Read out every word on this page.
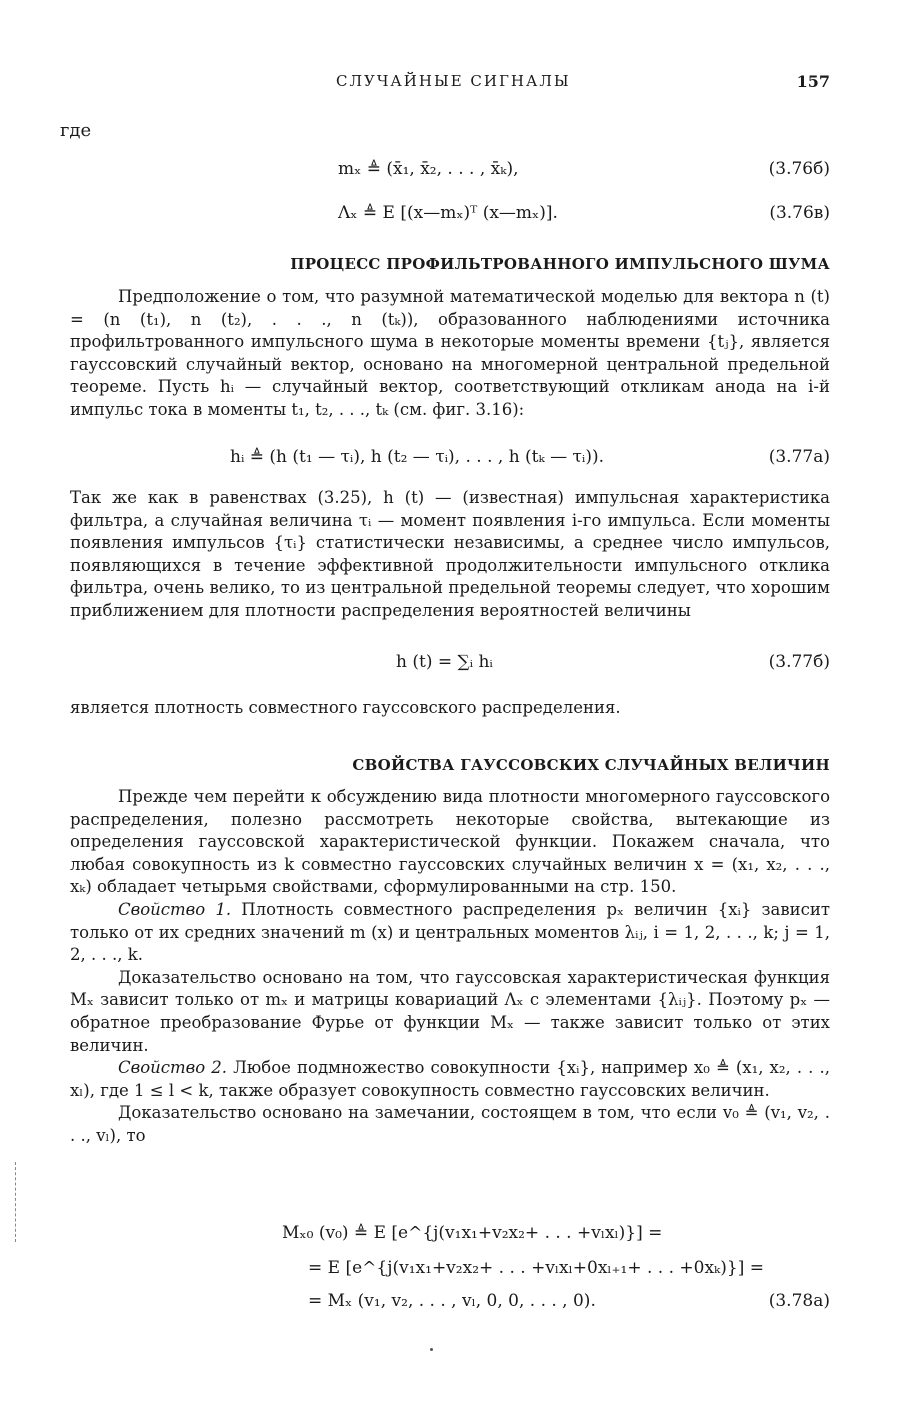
СЛУЧАЙНЫЕ СИГНАЛЫ	157
где
mₓ ≜ (x̄₁, x̄₂, . . . , x̄ₖ),	(3.76б)
Λₓ ≜ E [(x—mₓ)ᵀ (x—mₓ)].	(3.76в)
ПРОЦЕСС ПРОФИЛЬТРОВАННОГО ИМПУЛЬСНОГО ШУМА

Предположение о том, что разумной математической моделью для вектора n (t) = (n (t₁), n (t₂), . . ., n (tₖ)), образованного наблюдениями источника профильтрованного импульсного шума в некоторые моменты времени {tⱼ}, является гауссовский случайный вектор, основано на многомерной центральной предельной теореме. Пусть hᵢ — случайный вектор, соответствующий откликам анода на i-й импульс тока в моменты t₁, t₂, . . ., tₖ (см. фиг. 3.16):

hᵢ ≜ (h (t₁ — τᵢ), h (t₂ — τᵢ), . . . , h (tₖ — τᵢ)).	(3.77а)

Так же как в равенствах (3.25), h (t) — (известная) импульсная характеристика фильтра, а случайная величина τᵢ — момент появления i-го импульса. Если моменты появления импульсов {τᵢ} статистически независимы, а среднее число импульсов, появляющихся в течение эффективной продолжительности импульсного отклика фильтра, очень велико, то из центральной предельной теоремы следует, что хорошим приближением для плотности распределения вероятностей величины

h (t) = ∑ᵢ hᵢ	(3.77б)

является плотность совместного гауссовского распределения.

СВОЙСТВА ГАУССОВСКИХ СЛУЧАЙНЫХ ВЕЛИЧИН

Прежде чем перейти к обсуждению вида плотности многомерного гауссовского распределения, полезно рассмотреть некоторые свойства, вытекающие из определения гауссовской характеристической функции. Покажем сначала, что любая совокупность из k совместно гауссовских случайных величин x = (x₁, x₂, . . ., xₖ) обладает четырьмя свойствами, сформулированными на стр. 150.

Свойство 1. Плотность совместного распределения pₓ величин {xᵢ} зависит только от их средних значений m (x) и центральных моментов λᵢⱼ, i = 1, 2, . . ., k; j = 1, 2, . . ., k.

Доказательство основано на том, что гауссовская характеристическая функция Mₓ зависит только от mₓ и матрицы ковариаций Λₓ с элементами {λᵢⱼ}. Поэтому pₓ — обратное преобразование Фурье от функции Mₓ — также зависит только от этих величин.

Свойство 2. Любое подмножество совокупности {xᵢ}, например x₀ ≜ (x₁, x₂, . . ., xₗ), где 1 ≤ l < k, также образует совокупность совместно гауссовских величин.

Доказательство основано на замечании, состоящем в том, что если v₀ ≜ (v₁, v₂, . . ., vₗ), то

Mₓ₀ (v₀) ≜ E [e^{j(v₁x₁+v₂x₂+ . . . +vₗxₗ)}] =
= E [e^{j(v₁x₁+v₂x₂+ . . . +vₗxₗ+0xₗ₊₁+ . . . +0xₖ)}] =
= Mₓ (v₁, v₂, . . . , vₗ, 0, 0, . . . , 0).	(3.78а)
